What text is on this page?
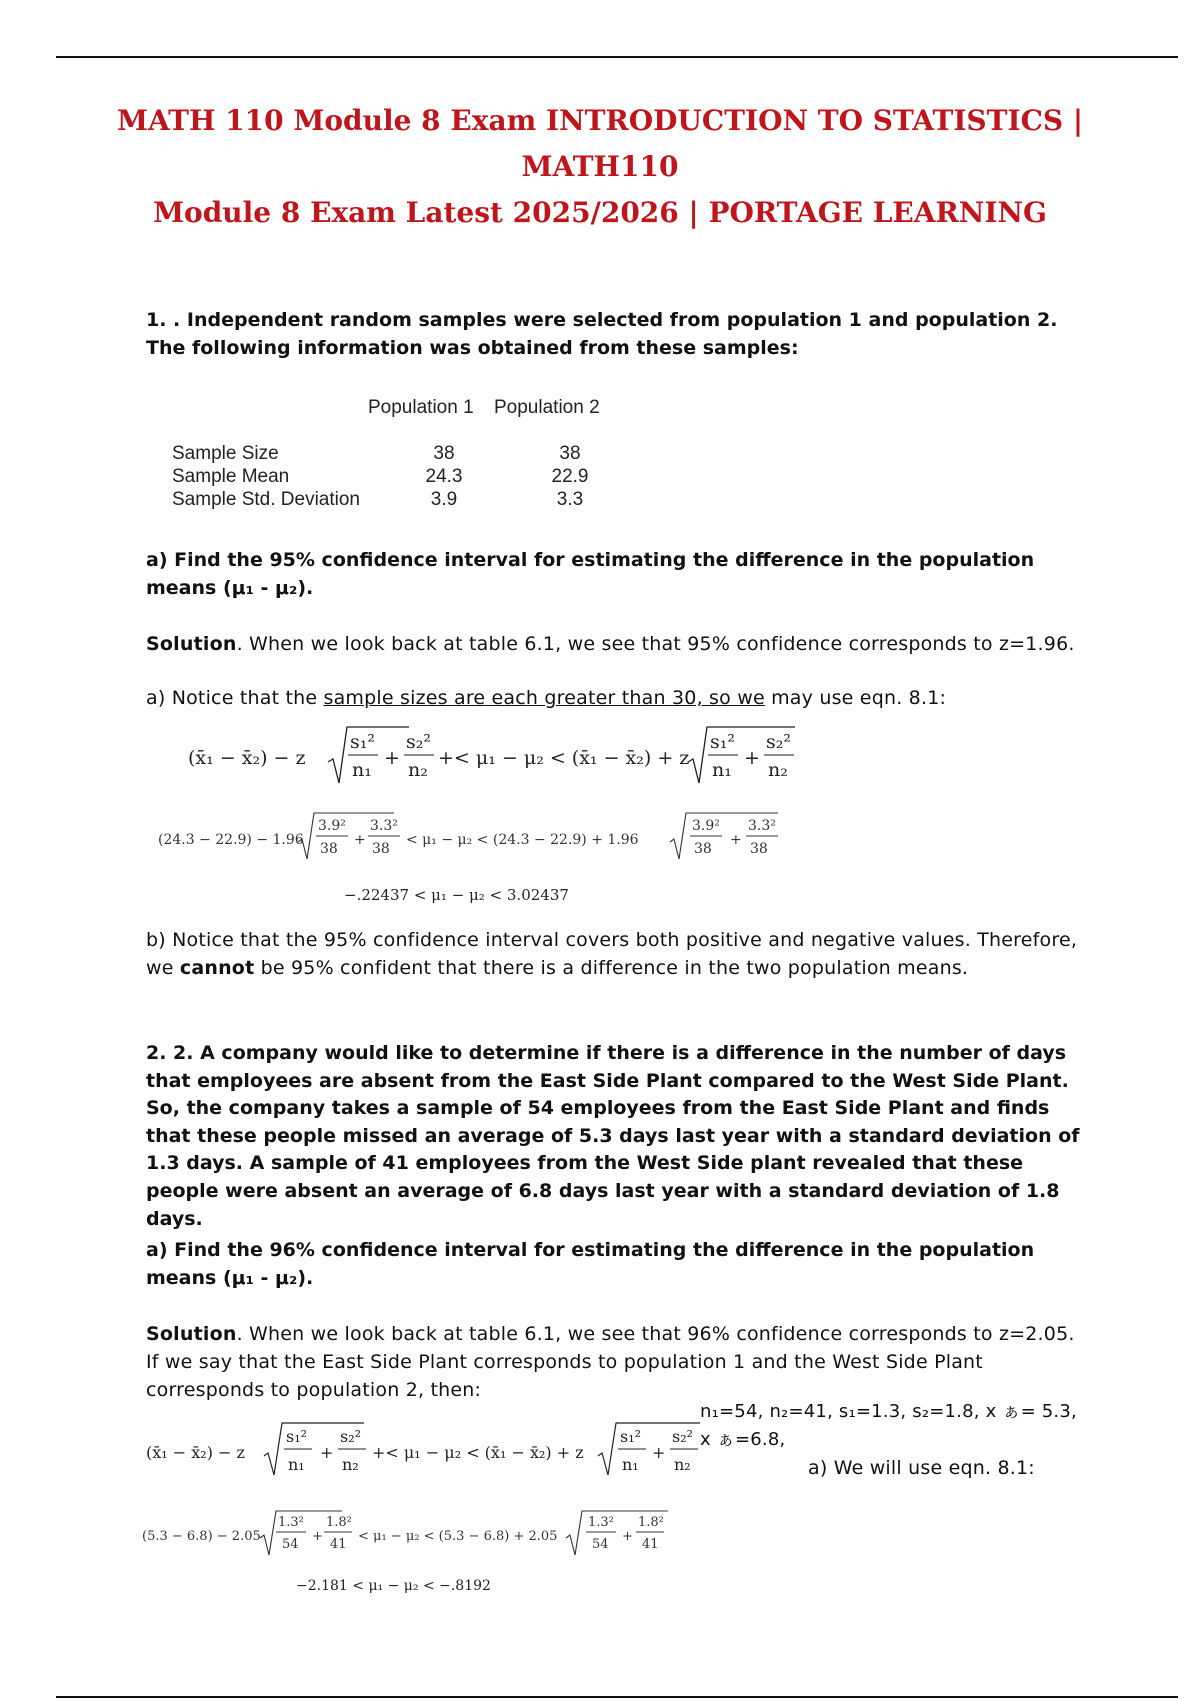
MATH 110 Module 8 Exam INTRODUCTION TO STATISTICS | MATH110
Module 8 Exam Latest 2025/2026 | PORTAGE LEARNING
1. . Independent random samples were selected from population 1 and population 2. The following information was obtained from these samples:
Population 1 Population 2
Sample Size	38	38
Sample Mean	24.3	22.9
Sample Std. Deviation	3.9	3.3
a) Find the 95% confidence interval for estimating the difference in the population means (μ₁ - μ₂).
Solution. When we look back at table 6.1, we see that 95% confidence corresponds to z=1.96.
a) Notice that the sample sizes are each greater than 30, so we may use eqn. 8.1:
(x̄₁ − x̄₂) − z
s₁²
n₁
+
s₂²
n₂
+< μ₁ − μ₂ < (x̄₁ − x̄₂) + z
s₁²
n₁
+
s₂²
n₂
(24.3 − 22.9) − 1.96
3.9²
38
+
3.3²
38
< μ₁ − μ₂ < (24.3 − 22.9) + 1.96
3.9²
38
+
3.3²
38
−.22437 < μ₁ − μ₂ < 3.02437
b) Notice that the 95% confidence interval covers both positive and negative values. Therefore, we cannot be 95% confident that there is a difference in the two population means.
2. 2. A company would like to determine if there is a difference in the number of days that employees are absent from the East Side Plant compared to the West Side Plant. So, the company takes a sample of 54 employees from the East Side Plant and finds that these people missed an average of 5.3 days last year with a standard deviation of 1.3 days. A sample of 41 employees from the West Side plant revealed that these people were absent an average of 6.8 days last year with a standard deviation of 1.8 days.
a) Find the 96% confidence interval for estimating the difference in the population means (μ₁ - μ₂).
Solution. When we look back at table 6.1, we see that 96% confidence corresponds to z=2.05. If we say that the East Side Plant corresponds to population 1 and the West Side Plant corresponds to population 2, then:
(x̄₁ − x̄₂) − z
s₁²
n₁
+
s₂²
n₂
+< μ₁ − μ₂ < (x̄₁ − x̄₂) + z
s₁²
n₁
+
s₂²
n₂
n₁=54, n₂=41, s₁=1.3, s₂=1.8, x ぁ= 5.3,
x ぁ=6.8,
a) We will use eqn. 8.1:
(5.3 − 6.8) − 2.05
1.3²
54
+
1.8²
41
< μ₁ − μ₂ < (5.3 − 6.8) + 2.05
1.3²
54
+
1.8²
41
−2.181 < μ₁ − μ₂ < −.8192
